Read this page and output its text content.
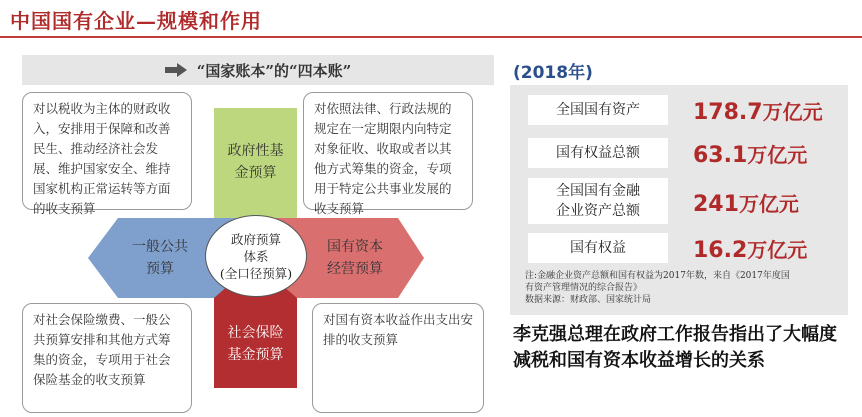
中国国有企业—规模和作用
“国家账本”的“四本账”
对以税收为主体的财政收入，安排用于保障和改善民生、推动经济社会发展、维护国家安全、维持国家机构正常运转等方面的收支预算
对依照法律、行政法规的规定在一定期限内向特定对象征收、收取或者以其他方式筹集的资金，专项用于特定公共事业发展的收支预算
对社会保险缴费、一般公共预算安排和其他方式筹集的资金，专项用于社会保险基金的收支预算
对国有资本收益作出支出安排的收支预算
政府性基
金预算
一般公共
预算
国有资本
经营预算
社会保险
基金预算
政府预算
体系
(全口径预算)
(2018年)
全国国有资产 178.7万亿元
国有权益总额 63.1万亿元
全国国有金融
企业资产总额 241万亿元
国有权益	16.2万亿元
注:金融企业资产总额和国有权益为2017年数，来自《2017年度国
有资产管理情况的综合报告》
数据来源：财政部、国家统计局
李克强总理在政府工作报告指出了大幅度减税和国有资本收益增长的关系
